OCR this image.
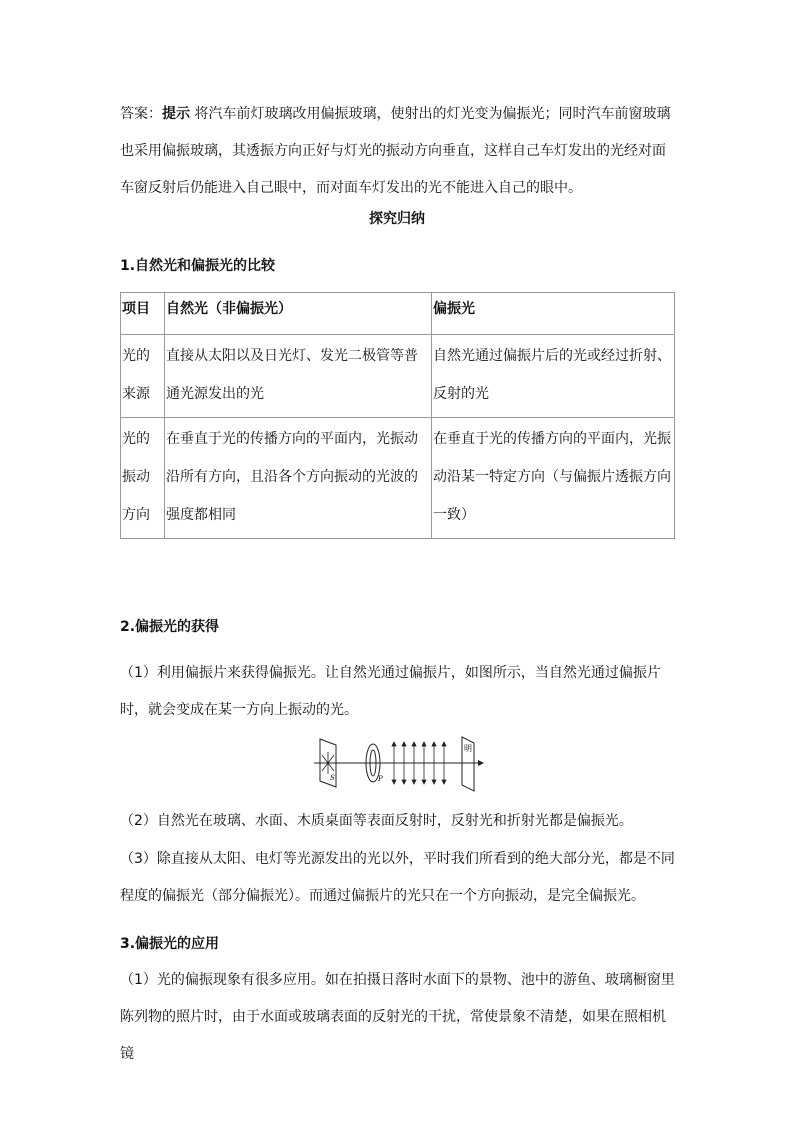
答案：提示 将汽车前灯玻璃改用偏振玻璃，使射出的灯光变为偏振光；同时汽车前窗玻璃也采用偏振玻璃，其透振方向正好与灯光的振动方向垂直，这样自己车灯发出的光经对面车窗反射后仍能进入自己眼中，而对面车灯发出的光不能进入自己的眼中。

探究归纳

1.自然光和偏振光的比较

项目	自然光（非偏振光）	偏振光
光的来源	直接从太阳以及日光灯、发光二极管等普通光源发出的光	自然光通过偏振片后的光或经过折射、反射的光
光的振动方向	在垂直于光的传播方向的平面内，光振动沿所有方向，且沿各个方向振动的光波的强度都相同	在垂直于光的传播方向的平面内，光振动沿某一特定方向（与偏振片透振方向一致）

2.偏振光的获得

（1）利用偏振片来获得偏振光。让自然光通过偏振片，如图所示，当自然光通过偏振片时，就会变成在某一方向上振动的光。

S	P
明

（2）自然光在玻璃、水面、木质桌面等表面反射时，反射光和折射光都是偏振光。

（3）除直接从太阳、电灯等光源发出的光以外，平时我们所看到的绝大部分光，都是不同程度的偏振光（部分偏振光）。而通过偏振片的光只在一个方向振动，是完全偏振光。

3.偏振光的应用

（1）光的偏振现象有很多应用。如在拍摄日落时水面下的景物、池中的游鱼、玻璃橱窗里陈列物的照片时，由于水面或玻璃表面的反射光的干扰，常使景象不清楚，如果在照相机镜
